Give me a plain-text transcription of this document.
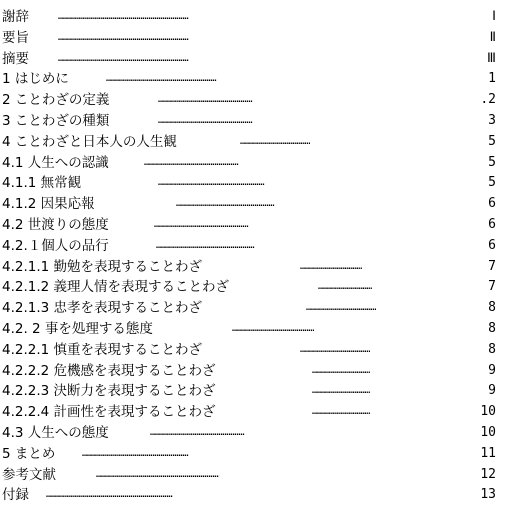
……………………………………………………………………………………
謝辞	Ⅰ
……………………………………………………………………………………
要旨	Ⅱ
……………………………………………………………………………………
摘要	Ⅲ
………………………………………………………………………
1 はじめに	1
……………………………………………………………
2 ことわざの定義	.2
……………………………………………………………
3 ことわざの種類	3
……………………………………………
4 ことわざと日本人の人生観	5
……………………………………………………………
4.1 人生への認識	5
……………………………………………………………………
4.1.1 無常観	5
………………………………………………………………
4.1.2 因果応報	6
……………………………………………………………
4.2 世渡りの態度	6
………………………………………………………………
4.2.１個人の品行	6
………………………………………
4.2.1.1 勤勉を表現することわざ	7
…………………………………
4.2.1.2 義理人情を表現することわざ	7
……………………………………………
4.2.1.3 忠孝を表現することわざ	8
……………………………………………………
4.2. 2 事を処理する態度	8
……………………………………………
4.2.2.1 慎重を表現することわざ	8
……………………………………
4.2.2.2 危機感を表現することわざ	9
……………………………………
4.2.2.3 決断力を表現することわざ	9
……………………………………
4.2.2.4 計画性を表現することわざ	10
……………………………………………………………
4.3 人生への態度	10
……………………………………………………………………
5 まとめ	11
………………………………………………………………………………
参考文献	12
…………………………………………………………………………………
付録	13
